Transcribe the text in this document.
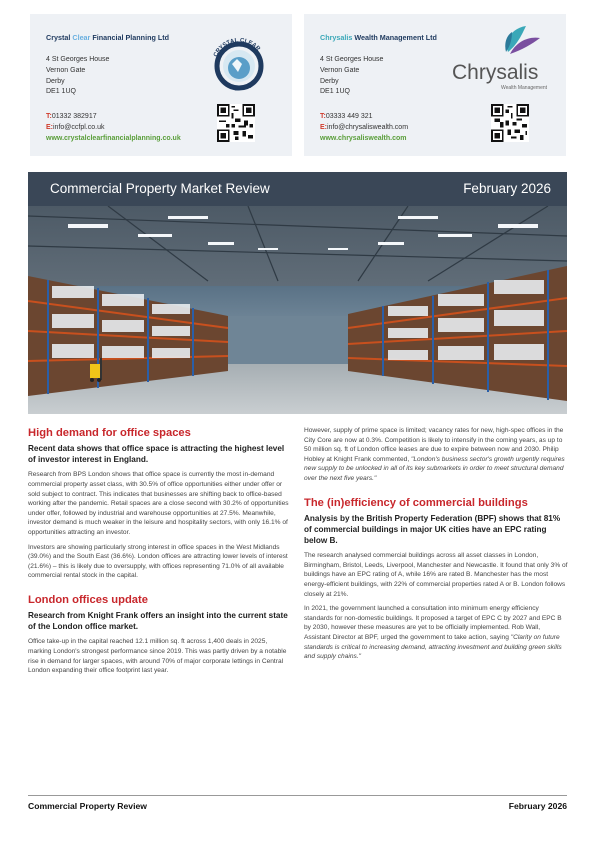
Crystal Clear Financial Planning Ltd
4 St Georges House
Vernon Gate
Derby
DE1 1UQ
T:01332 382917
E:info@ccfpl.co.uk
www.crystalclearfinancialplanning.co.uk
CRYSTAL CLEAR
financial planning
Chrysalis Wealth Management Ltd
4 St Georges House
Vernon Gate
Derby
DE1 1UQ
T:03333 449 321
E:info@chrysaliswealth.com
www.chrysaliswealth.com
Chrysalis
Wealth Management
Commercial Property Market Review	February 2026
High demand for office spaces
Recent data shows that office space is attracting the highest level of investor interest in England.

Research from BPS London shows that office space is currently the most in-demand commercial property asset class, with 30.5% of office opportunities either under offer or sold subject to contract. This indicates that businesses are shifting back to office-based working after the pandemic. Retail spaces are a close second with 30.2% of opportunities under offer, followed by industrial and warehouse opportunities at 27.5%. Meanwhile, investor demand is much weaker in the leisure and hospitality sectors, with only 16.1% of opportunities attracting an investor.

Investors are showing particularly strong interest in office spaces in the West Midlands (39.0%) and the South East (36.6%). London offices are attracting lower levels of interest (21.6%) – this is likely due to oversupply, with offices representing 71.0% of all available commercial rental stock in the capital.

London offices update
Research from Knight Frank offers an insight into the current state of the London office market.

Office take-up in the capital reached 12.1 million sq. ft across 1,400 deals in 2025, marking London's strongest performance since 2019. This was partly driven by a notable rise in demand for larger spaces, with around 70% of major corporate lettings in Central London expanding their office footprint last year.

However, supply of prime space is limited; vacancy rates for new, high-spec offices in the City Core are now at 0.3%. Competition is likely to intensify in the coming years, as up to 50 million sq. ft of London office leases are due to expire between now and 2030. Philip Hobley at Knight Frank commented, "London's business sector's growth urgently requires new supply to be unlocked in all of its key submarkets in order to meet structural demand over the next five years."

The (in)efficiency of commercial buildings
Analysis by the British Property Federation (BPF) shows that 81% of commercial buildings in major UK cities have an EPC rating below B.

The research analysed commercial buildings across all asset classes in London, Birmingham, Bristol, Leeds, Liverpool, Manchester and Newcastle. It found that only 3% of buildings have an EPC rating of A, while 16% are rated B. Manchester has the most energy-efficient buildings, with 22% of commercial properties rated A or B. London follows closely at 21%.

In 2021, the government launched a consultation into minimum energy efficiency standards for non-domestic buildings. It proposed a target of EPC C by 2027 and EPC B by 2030, however these measures are yet to be officially implemented. Rob Wall, Assistant Director at BPF, urged the government to take action, saying "Clarity on future standards is critical to increasing demand, attracting investment and building green skills and supply chains."

Commercial Property Review	February 2026
